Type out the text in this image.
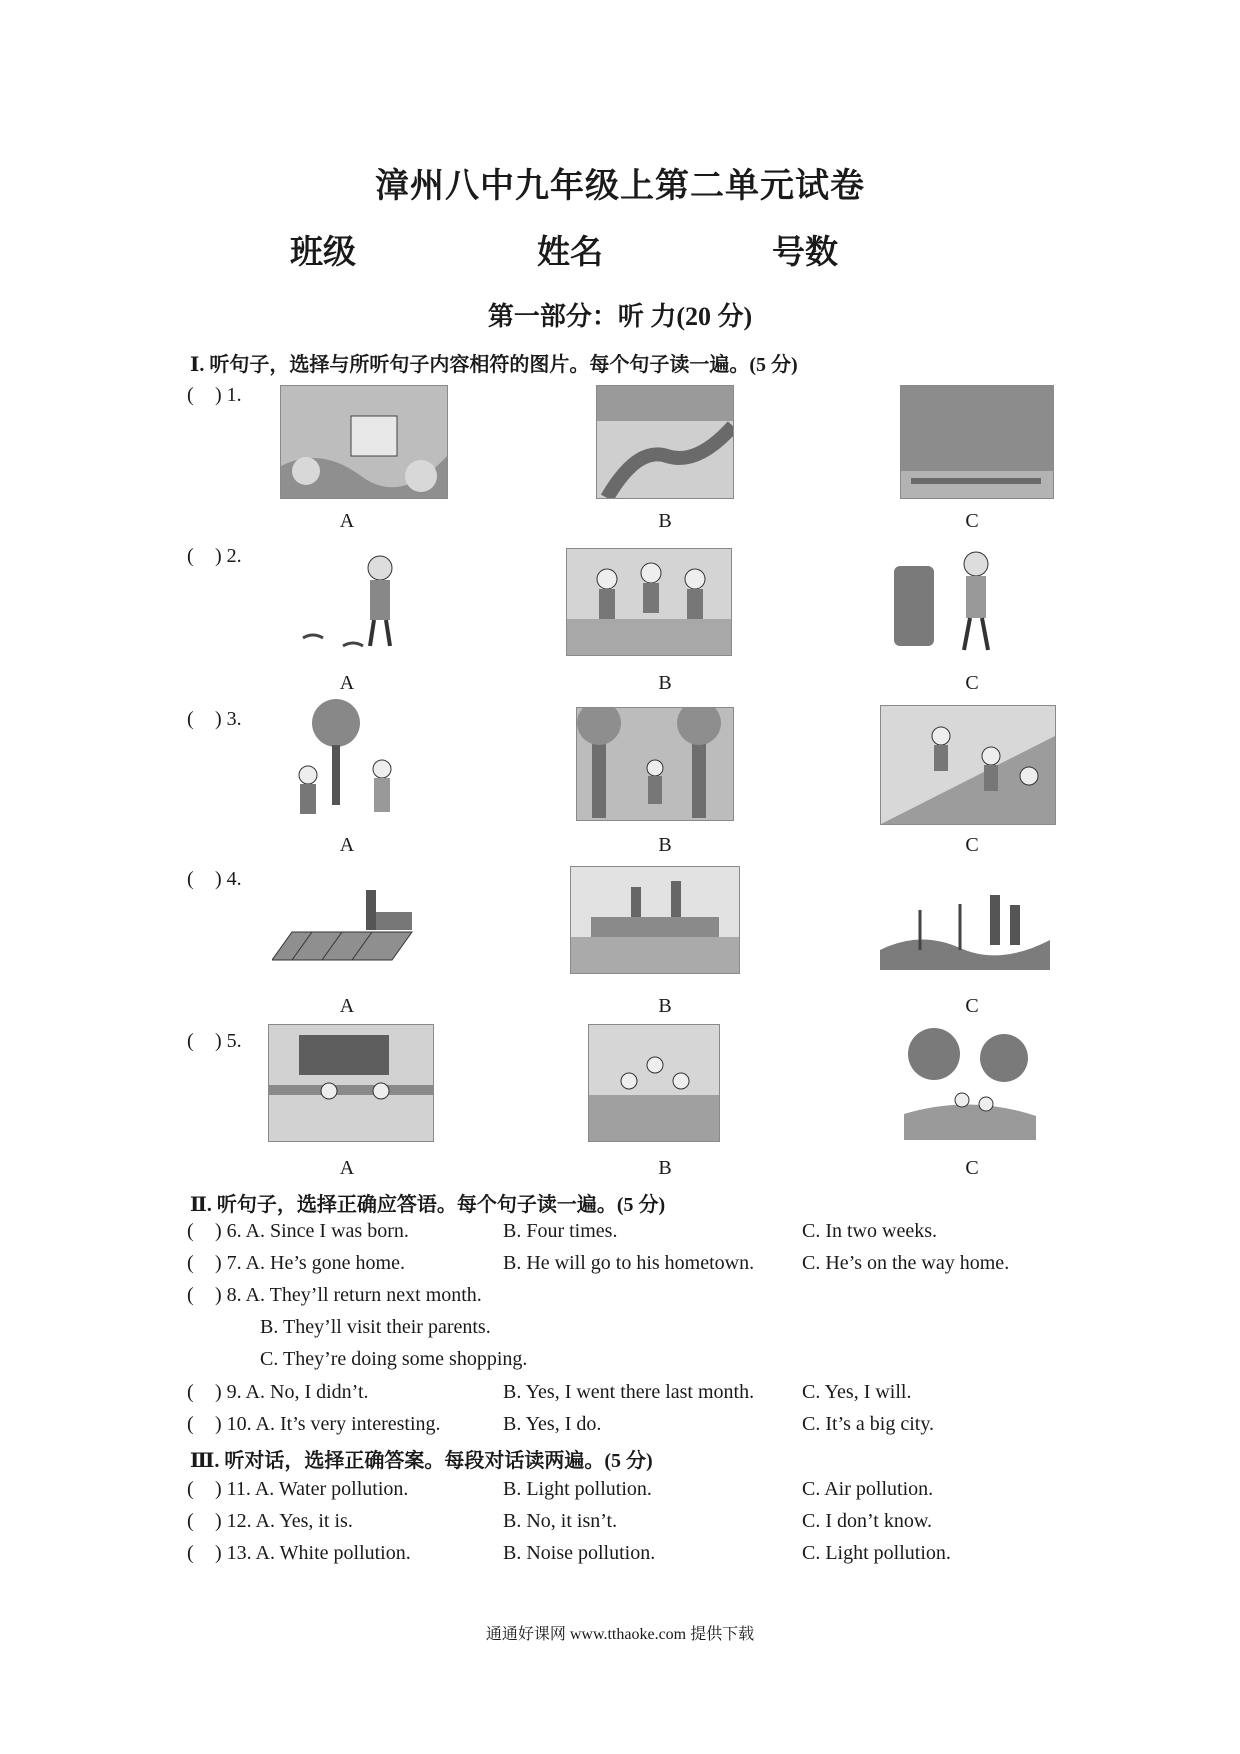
漳州八中九年级上第二单元试卷
班级	姓名	号数
第一部分：听 力(20 分)
Ⅰ. 听句子，选择与所听句子内容相符的图片。每个句子读一遍。(5 分)
( ) 1.
A	B	C
( ) 2.
A	B	C
( ) 3.
A	B	C
( ) 4.
A	B	C
( ) 5.
A	B	C
Ⅱ. 听句子，选择正确应答语。每个句子读一遍。(5 分)
( ) 6. A. Since I was born.	B. Four times.	C. In two weeks.
( ) 7. A. He’s gone home.	B. He will go to his hometown. C. He’s on the way home.
( ) 8. A. They’ll return next month.
B. They’ll visit their parents.
C. They’re doing some shopping.
( ) 9. A. No, I didn’t.	B. Yes, I went there last month. C. Yes, I will.
( ) 10. A. It’s very interesting.	B. Yes, I do.	C. It’s a big city.
Ⅲ. 听对话，选择正确答案。每段对话读两遍。(5 分)
( ) 11. A. Water pollution.	B. Light pollution.	C. Air pollution.
( ) 12. A. Yes, it is.	B. No, it isn’t.	C. I don’t know.
( ) 13. A. White pollution.	B. Noise pollution.	C. Light pollution.
通通好课网 www.tthaoke.com 提供下载
